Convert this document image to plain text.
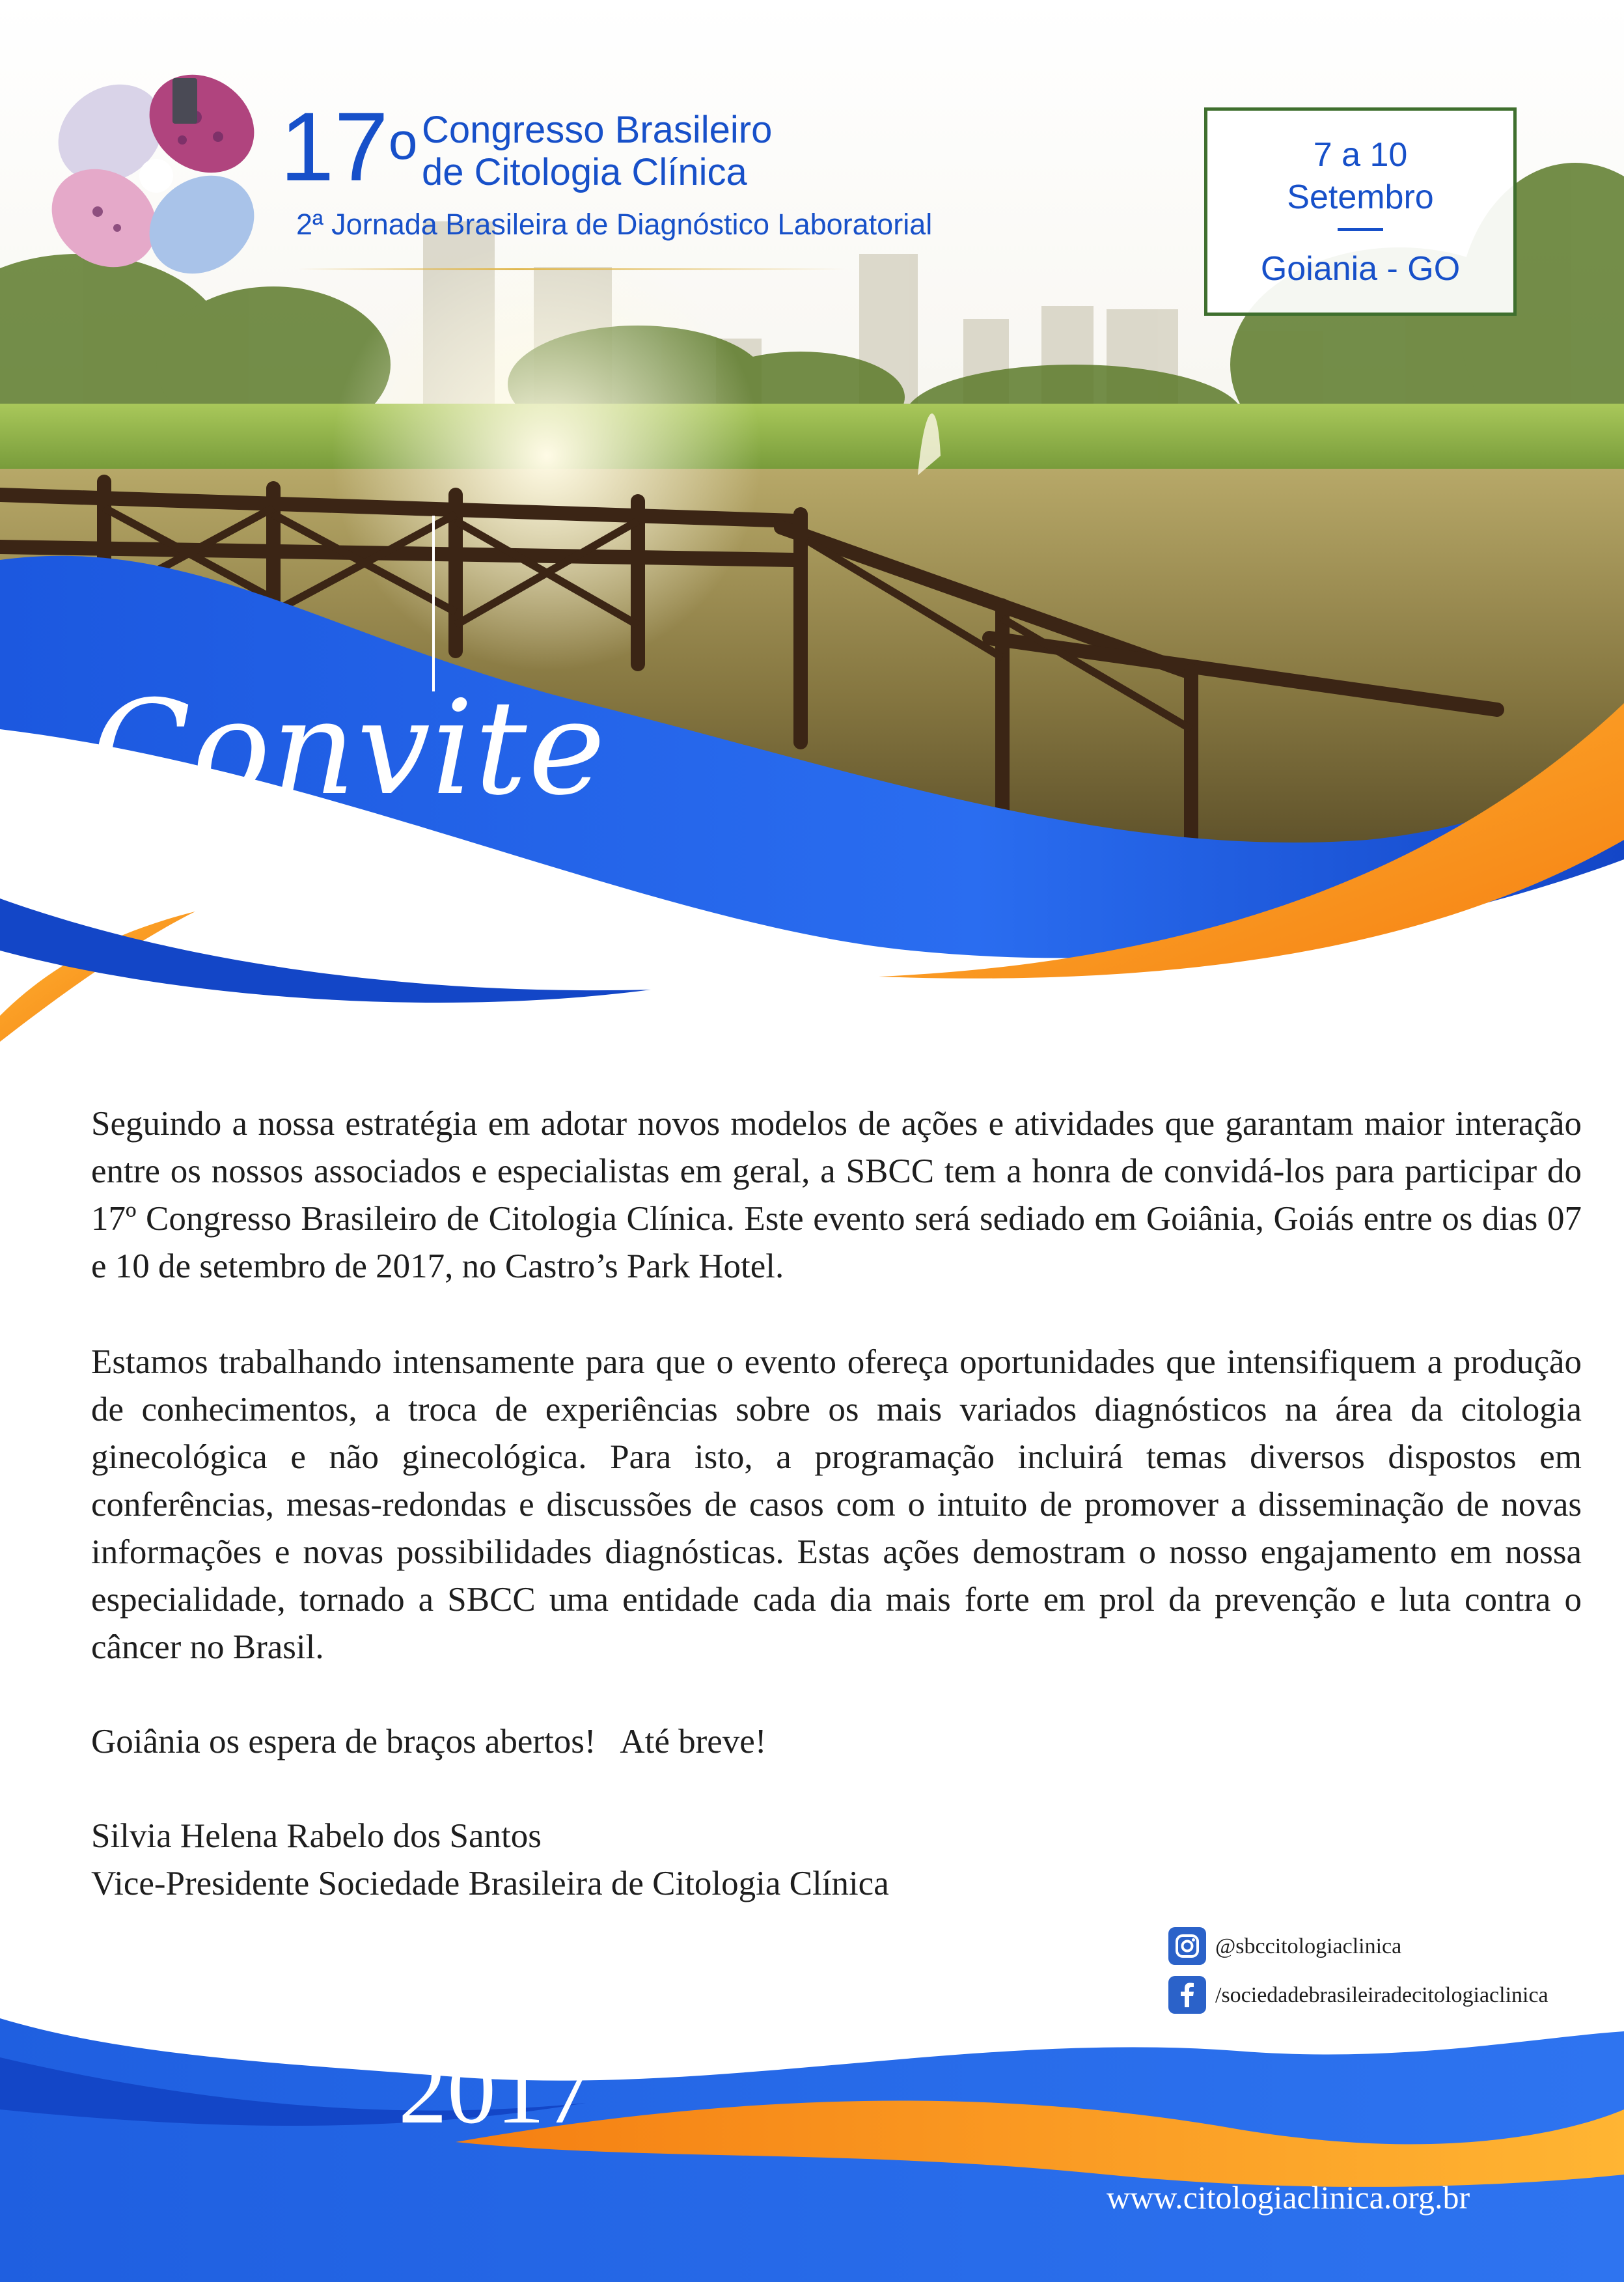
17$^o$ Congresso Brasileiro
de Citologia Clínica
2ª Jornada Brasileira de Diagnóstico Laboratorial
7 a 10
Setembro
Goiania - GO
Convite

Seguindo a nossa estratégia em adotar novos modelos de ações e atividades que garantam maior interação entre os nossos associados e especialistas em geral, a SBCC tem a honra de convidá-los para participar do 17º Congresso Brasileiro de Citologia Clínica. Este evento será sediado em Goiânia, Goiás entre os dias 07 e 10 de setembro de 2017, no Castro’s Park Hotel.

Estamos trabalhando intensamente para que o evento ofereça oportunidades que intensifiquem a produção de conhecimentos, a troca de experiências sobre os mais variados diagnósticos na área da citologia ginecológica e não ginecológica. Para isto, a programação incluirá temas diversos dispostos em conferências, mesas-redondas e discussões de casos com o intuito de promover a disseminação de novas informações e novas possibilidades diagnósticas. Estas ações demostram o nosso engajamento em nossa especialidade, tornado a SBCC uma entidade cada dia mais forte em prol da prevenção e luta contra o câncer no Brasil.

Goiânia os espera de braços abertos!   Até breve!

Silvia Helena Rabelo dos Santos

Vice-Presidente Sociedade Brasileira de Citologia Clínica

@sbccitologiaclinica
/sociedadebrasileiradecitologiaclinica
2017
www.citologiaclinica.org.br
